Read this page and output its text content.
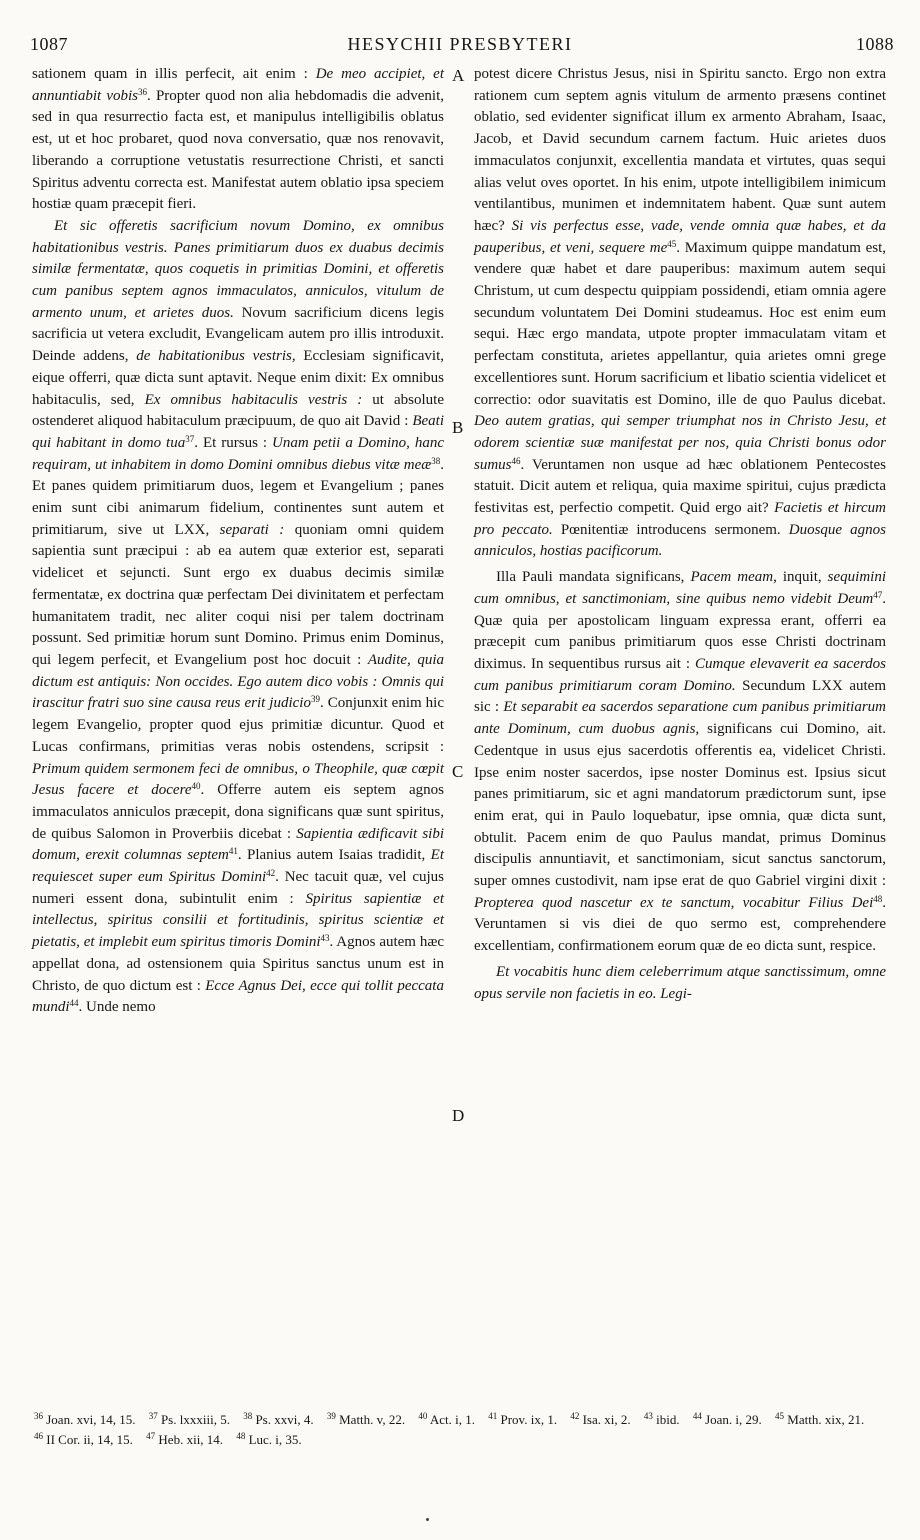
1087	HESYCHII PRESBYTERI	1088
A
B
C
D

sationem quam in illis perfecit, ait enim : De meo accipiet, et annuntiabit vobis$^{36}$. Propter quod non alia hebdomadis die advenit, sed in qua resurrectio facta est, et manipulus intelligibilis oblatus est, ut et hoc probaret, quod nova conversatio, quæ nos renovavit, liberando a corruptione vetustatis resurrectione Christi, et sancti Spiritus adventu correcta est. Manifestat autem oblatio ipsa speciem hostiæ quam præcepit fieri.

Et sic offeretis sacrificium novum Domino, ex omnibus habitationibus vestris. Panes primitiarum duos ex duabus decimis similæ fermentatæ, quos coquetis in primitias Domini, et offeretis cum panibus septem agnos immaculatos, anniculos, vitulum de armento unum, et arietes duos. Novum sacrificium dicens legis sacrificia ut vetera excludit, Evangelicam autem pro illis introduxit. Deinde addens, de habitationibus vestris, Ecclesiam significavit, eique offerri, quæ dicta sunt aptavit. Neque enim dixit: Ex omnibus habitaculis, sed, Ex omnibus habitaculis vestris : ut absolute ostenderet aliquod habitaculum præcipuum, de quo ait David : Beati qui habitant in domo tua$^{37}$. Et rursus : Unam petii a Domino, hanc requiram, ut inhabitem in domo Domini omnibus diebus vitæ meæ$^{38}$. Et panes quidem primitiarum duos, legem et Evangelium ; panes enim sunt cibi animarum fidelium, continentes sunt autem et primitiarum, sive ut LXX, separati : quoniam omni quidem sapientia sunt præcipui : ab ea autem quæ exterior est, separati videlicet et sejuncti. Sunt ergo ex duabus decimis similæ fermentatæ, ex doctrina quæ perfectam Dei divinitatem et perfectam humanitatem tradit, nec aliter coqui nisi per talem doctrinam possunt. Sed primitiæ horum sunt Domino. Primus enim Dominus, qui legem perfecit, et Evangelium post hoc docuit : Audite, quia dictum est antiquis: Non occides. Ego autem dico vobis : Omnis qui irascitur fratri suo sine causa reus erit judicio$^{39}$. Conjunxit enim hic legem Evangelio, propter quod ejus primitiæ dicuntur. Quod et Lucas confirmans, primitias veras nobis ostendens, scripsit : Primum quidem sermonem feci de omnibus, o Theophile, quæ cœpit Jesus facere et docere$^{40}$. Offerre autem eis septem agnos immaculatos anniculos præcepit, dona significans quæ sunt spiritus, de quibus Salomon in Proverbiis dicebat : Sapientia ædificavit sibi domum, erexit columnas septem$^{41}$. Planius autem Isaias tradidit, Et requiescet super eum Spiritus Domini$^{42}$. Nec tacuit quæ, vel cujus numeri essent dona, subintulit enim : Spiritus sapientiæ et intellectus, spiritus consilii et fortitudinis, spiritus scientiæ et pietatis, et implebit eum spiritus timoris Domini$^{43}$. Agnos autem hæc appellat dona, ad ostensionem quia Spiritus sanctus unum est in Christo, de quo dictum est : Ecce Agnus Dei, ecce qui tollit peccata mundi$^{44}$. Unde nemo

potest dicere Christus Jesus, nisi in Spiritu sancto. Ergo non extra rationem cum septem agnis vitulum de armento præsens continet oblatio, sed evidenter significat illum ex armento Abraham, Isaac, Jacob, et David secundum carnem factum. Huic arietes duos immaculatos conjunxit, excellentia mandata et virtutes, quas sequi alias velut oves oportet. In his enim, utpote intelligibilem inimicum ventilantibus, munimen et indemnitatem habent. Quæ sunt autem hæc? Si vis perfectus esse, vade, vende omnia quæ habes, et da pauperibus, et veni, sequere $me^{45}$. Maximum quippe mandatum est, vendere quæ habet et dare pauperibus: maximum autem sequi Christum, ut cum despectu quippiam possidendi, etiam omnia agere secundum voluntatem Dei Domini studeamus. Hoc est enim eum sequi. Hæc ergo mandata, utpote propter immaculatam vitam et perfectam constituta, arietes appellantur, quia arietes omni grege excellentiores sunt. Horum sacrificium et libatio scientia videlicet et correctio: odor suavitatis est Domino, ille de quo Paulus dicebat. Deo autem gratias, qui semper triumphat nos in Christo Jesu, et odorem scientiæ suæ manifestat per nos, quia Christi bonus odor sumus$^{46}$. Veruntamen non usque ad hæc oblationem Pentecostes statuit. Dicit autem et reliqua, quia maxime spiritui, cujus prædicta festivitas est, perfectio competit. Quid ergo ait? Facietis et hircum pro peccato. Pœnitentiæ introducens sermonem. Duosque agnos anniculos, hostias pacificorum.

Illa Pauli mandata significans, Pacem meam, inquit, sequimini cum omnibus, et sanctimoniam, sine quibus nemo videbit Deum$^{47}$. Quæ quia per apostolicam linguam expressa erant, offerri ea præcepit cum panibus primitiarum quos esse Christi doctrinam diximus. In sequentibus rursus ait : Cumque elevaverit ea sacerdos cum panibus primitiarum coram Domino. Secundum LXX autem sic : Et separabit ea sacerdos separatione cum panibus primitiarum ante Dominum, cum duobus agnis, significans cui Domino, ait. Cedentque in usus ejus sacerdotis offerentis ea, videlicet Christi. Ipse enim noster sacerdos, ipse noster Dominus est. Ipsius sicut panes primitiarum, sic et agni mandatorum prædictorum sunt, ipse enim erat, qui in Paulo loquebatur, ipse omnia, quæ dicta sunt, obtulit. Pacem enim de quo Paulus mandat, primus Dominus discipulis annuntiavit, et sanctimoniam, sicut sanctus sanctorum, super omnes custodivit, nam ipse erat de quo Gabriel virgini dixit : Propterea quod nascetur ex te sanctum, vocabitur Filius Dei$^{48}$. Veruntamen si vis diei de quo sermo est, comprehendere excellentiam, confirmationem eorum quæ de eo dicta sunt, respice.

Et vocabitis hunc diem celeberrimum atque sanctissimum, omne opus servile non facietis in eo. Legi-

$^{36}$ Joan. xvi, 14, 15. $^{37}$ Ps. lxxxiii, 5. $^{38}$ Ps. xxvi, 4. $^{39}$ Matth. v, 22. $^{40}$ Act. i, 1. $^{41}$ Prov. ix, 1. $^{42}$ Isa. xi, 2. $^{43}$ ibid. $^{44}$ Joan. i, 29. $^{45}$ Matth. xix, 21. $^{46}$ II Cor. ii, 14, 15. $^{47}$ Heb. xii, 14. $^{48}$ Luc. i, 35.
